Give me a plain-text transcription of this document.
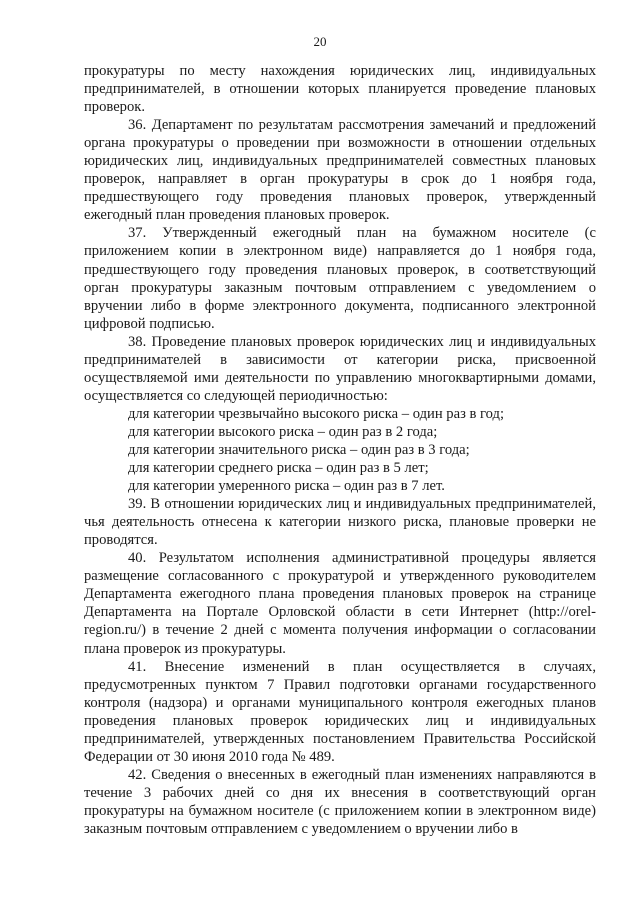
20

прокуратуры по месту нахождения юридических лиц, индивидуальных предпринимателей, в отношении которых планируется проведение плановых проверок.

36. Департамент по результатам рассмотрения замечаний и предложений органа прокуратуры о проведении при возможности в отношении отдельных юридических лиц, индивидуальных предпринимателей совместных плановых проверок, направляет в орган прокуратуры в срок до 1 ноября года, предшествующего году проведения плановых проверок, утвержденный ежегодный план проведения плановых проверок.

37. Утвержденный ежегодный план на бумажном носителе (с приложением копии в электронном виде) направляется до 1 ноября года, предшествующего году проведения плановых проверок, в соответствующий орган прокуратуры заказным почтовым отправлением с уведомлением о вручении либо в форме электронного документа, подписанного электронной цифровой подписью.

38. Проведение плановых проверок юридических лиц и индивидуальных предпринимателей в зависимости от категории риска, присвоенной осуществляемой ими деятельности по управлению многоквартирными домами, осуществляется со следующей периодичностью:

для категории чрезвычайно высокого риска – один раз в год;

для категории высокого риска – один раз в 2 года;

для категории значительного риска – один раз в 3 года;

для категории среднего риска – один раз в 5 лет;

для категории умеренного риска – один раз в 7 лет.

39. В отношении юридических лиц и индивидуальных предпринимателей, чья деятельность отнесена к категории низкого риска, плановые проверки не проводятся.

40. Результатом исполнения административной процедуры является размещение согласованного с прокуратурой и утвержденного руководителем Департамента ежегодного плана проведения плановых проверок на странице Департамента на Портале Орловской области в сети Интернет (http://orel-region.ru/) в течение 2 дней с момента получения информации о согласовании плана проверок из прокуратуры.

41. Внесение изменений в план осуществляется в случаях, предусмотренных пунктом 7 Правил подготовки органами государственного контроля (надзора) и органами муниципального контроля ежегодных планов проведения плановых проверок юридических лиц и индивидуальных предпринимателей, утвержденных постановлением Правительства Российской Федерации от 30 июня 2010 года № 489.

42. Сведения о внесенных в ежегодный план изменениях направляются в течение 3 рабочих дней со дня их внесения в соответствующий орган прокуратуры на бумажном носителе (с приложением копии в электронном виде) заказным почтовым отправлением с уведомлением о вручении либо в
